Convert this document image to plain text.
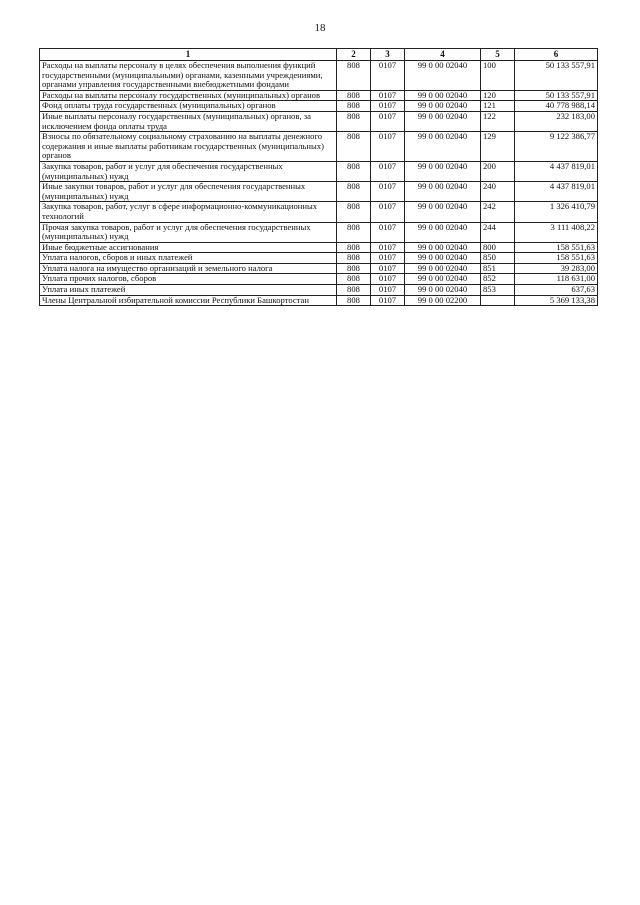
18
1	2	3	4	5	6
Расходы на выплаты персоналу в целях обеспечения выполнения функций государственными (муниципальными) органами, казенными учреждениями, органами управления государственными внебюджетными фондами	808	0107	99 0 00 02040	100	50 133 557,91
Расходы на выплаты персоналу государственных (муниципальных) органов	808	0107	99 0 00 02040	120	50 133 557,91
Фонд оплаты труда государственных (муниципальных) органов	808	0107	99 0 00 02040	121	40 778 988,14
Иные выплаты персоналу государственных (муниципальных) органов, за исключением фонда оплаты труда	808	0107	99 0 00 02040	122	232 183,00
Взносы по обязательному социальному страхованию на выплаты денежного содержания и иные выплаты работникам государственных (муниципальных) органов	808	0107	99 0 00 02040	129	9 122 386,77
Закупка товаров, работ и услуг для обеспечения государственных (муниципальных) нужд	808	0107	99 0 00 02040	200	4 437 819,01
Иные закупки товаров, работ и услуг для обеспечения государственных (муниципальных) нужд	808	0107	99 0 00 02040	240	4 437 819,01
Закупка товаров, работ, услуг в сфере информационно-коммуникационных технологий	808	0107	99 0 00 02040	242	1 326 410,79
Прочая закупка товаров, работ и услуг для обеспечения государственных (муниципальных) нужд	808	0107	99 0 00 02040	244	3 111 408,22
Иные бюджетные ассигнования	808	0107	99 0 00 02040	800	158 551,63
Уплата налогов, сборов и иных платежей	808	0107	99 0 00 02040	850	158 551,63
Уплата налога на имущество организаций и земельного налога	808	0107	99 0 00 02040	851	39 283,00
Уплата прочих налогов, сборов	808	0107	99 0 00 02040	852	118 631,00
Уплата иных платежей	808	0107	99 0 00 02040	853	637,63
Члены Центральной избирательной комиссии Республики Башкортостан	808	0107	99 0 00 02200		5 369 133,38
